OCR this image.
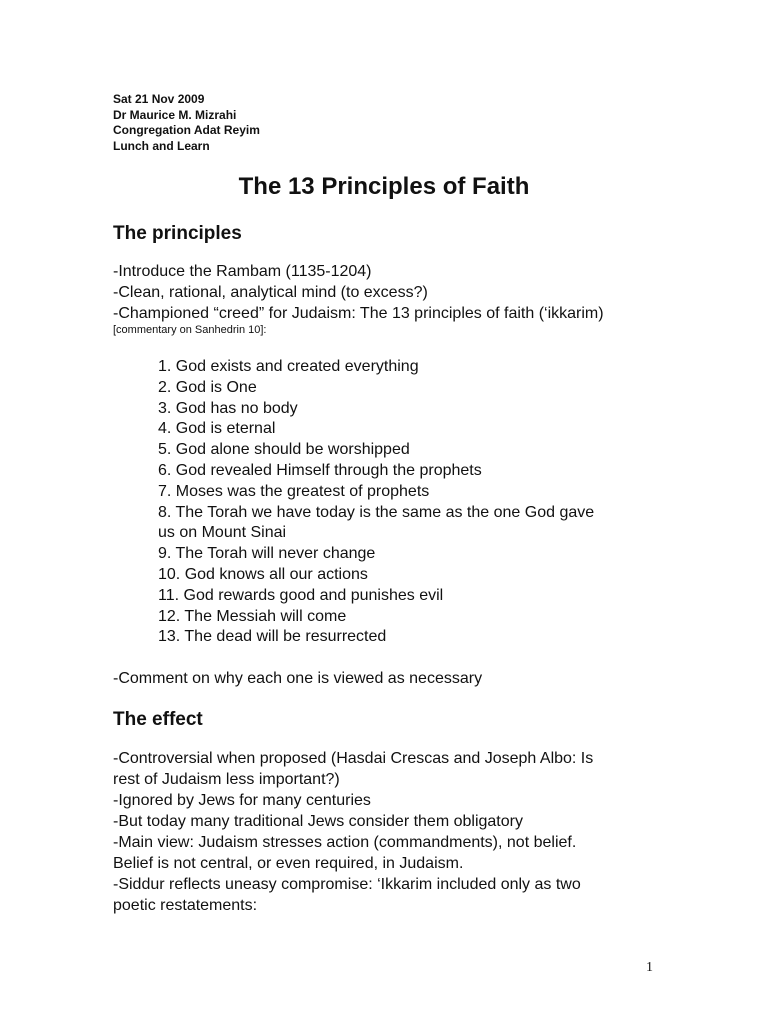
Sat 21 Nov 2009
Dr Maurice M. Mizrahi
Congregation Adat Reyim
Lunch and Learn
The 13 Principles of Faith
The principles
-Introduce the Rambam (1135-1204)
-Clean, rational, analytical mind (to excess?)
-Championed “creed” for Judaism: The 13 principles of faith (‘ikkarim)
[commentary on Sanhedrin 10]:
1. God exists and created everything
2. God is One
3. God has no body
4. God is eternal
5. God alone should be worshipped
6. God revealed Himself through the prophets
7. Moses was the greatest of prophets
8. The Torah we have today is the same as the one God gave
us on Mount Sinai
9. The Torah will never change
10. God knows all our actions
11. God rewards good and punishes evil
12. The Messiah will come
13. The dead will be resurrected
-Comment on why each one is viewed as necessary
The effect
-Controversial when proposed (Hasdai Crescas and Joseph Albo: Is
rest of Judaism less important?)
-Ignored by Jews for many centuries
-But today many traditional Jews consider them obligatory
-Main view: Judaism stresses action (commandments), not belief.
Belief is not central, or even required, in Judaism.
-Siddur reflects uneasy compromise: ‘Ikkarim included only as two
poetic restatements:
1
